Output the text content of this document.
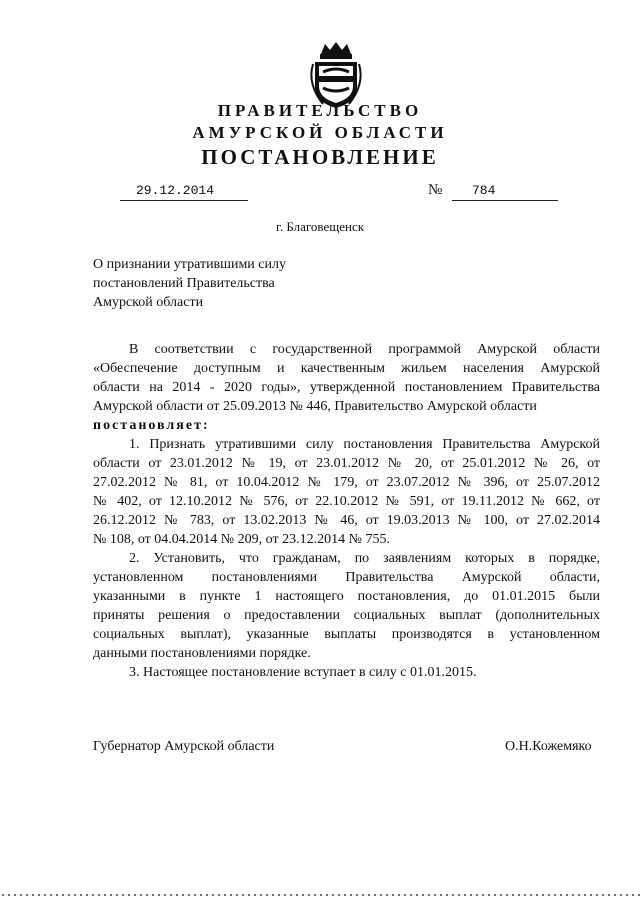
ПРАВИТЕЛЬСТВО
АМУРСКОЙ ОБЛАСТИ
ПОСТАНОВЛЕНИЕ
29.12.2014	№	784
г. Благовещенск
О признании утратившими силу
постановлений Правительства
Амурской области
В соответствии с государственной программой Амурской области
«Обеспечение доступным и качественным жильем населения Амурской
области на 2014 - 2020 годы», утвержденной постановлением Правительства
Амурской области от 25.09.2013 № 446, Правительство Амурской области
постановляет:
1. Признать утратившими силу постановления Правительства Амурской
области от 23.01.2012 № 19, от 23.01.2012 № 20, от 25.01.2012 № 26, от
27.02.2012 № 81, от 10.04.2012 № 179, от 23.07.2012 № 396, от 25.07.2012
№ 402, от 12.10.2012 № 576, от 22.10.2012 № 591, от 19.11.2012 № 662, от
26.12.2012 № 783, от 13.02.2013 № 46, от 19.03.2013 № 100, от 27.02.2014
№ 108, от 04.04.2014 № 209, от 23.12.2014 № 755.
2. Установить, что гражданам, по заявлениям которых в порядке,
установленном постановлениями Правительства Амурской области,
указанными в пункте 1 настоящего постановления, до 01.01.2015 были
приняты решения о предоставлении социальных выплат (дополнительных
социальных выплат), указанные выплаты производятся в установленном
данными постановлениями порядке.
3. Настоящее постановление вступает в силу с 01.01.2015.
Губернатор Амурской области	О.Н.Кожемяко
